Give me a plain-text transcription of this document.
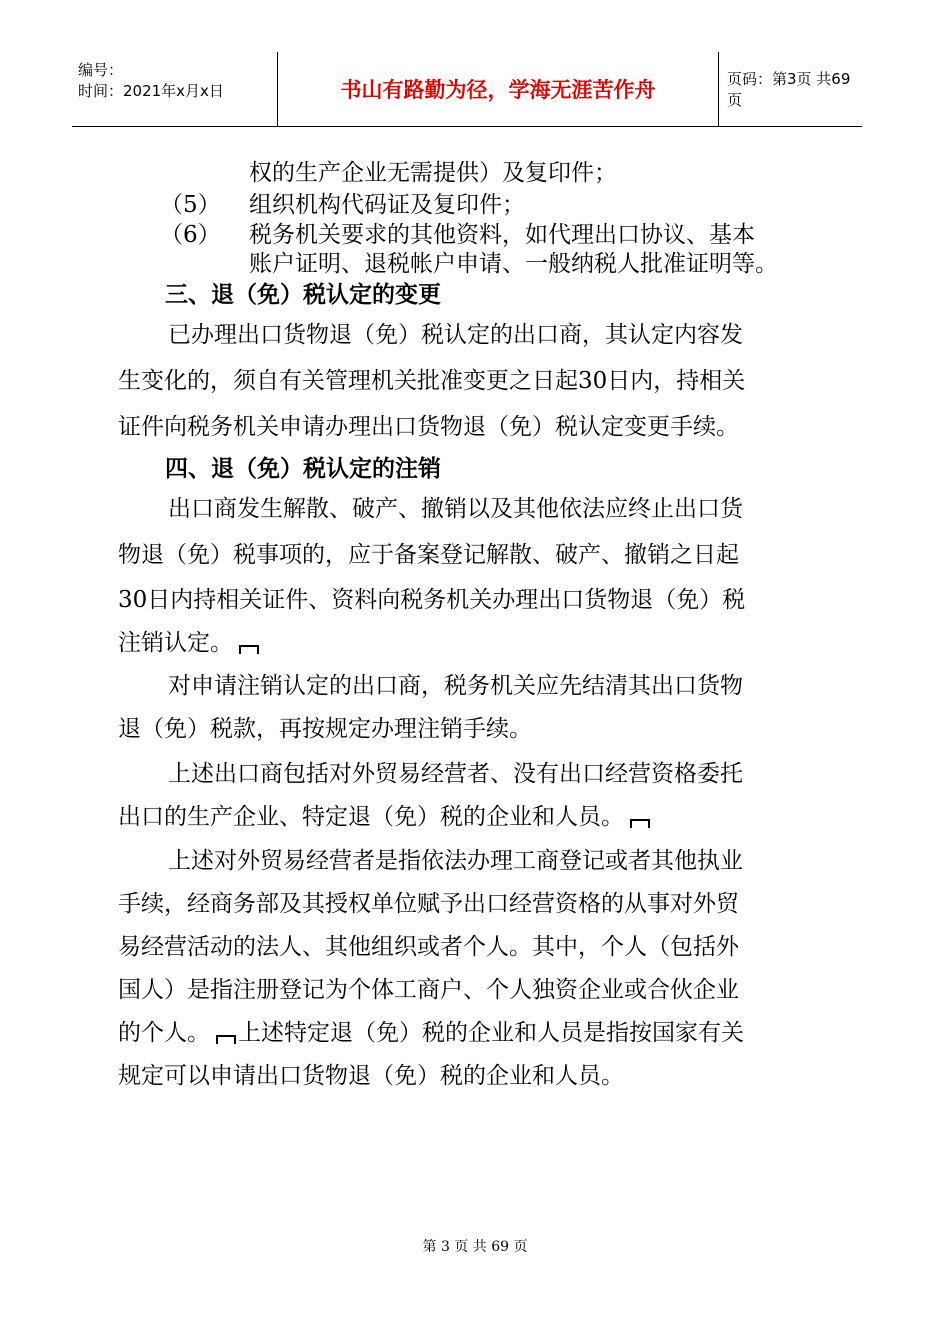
编号：
时间：2021年x月x日	书山有路勤为径，学海无涯苦作舟	页码：第3页 共69页
权的生产企业无需提供）及复印件；
（5） 组织机构代码证及复印件；
（6） 税务机关要求的其他资料，如代理出口协议、基本
账户证明、退税帐户申请、一般纳税人批准证明等。
三、退（免）税认定的变更
已办理出口货物退（免）税认定的出口商，其认定内容发
生变化的，须自有关管理机关批准变更之日起30日内，持相关
证件向税务机关申请办理出口货物退（免）税认定变更手续。
四、退（免）税认定的注销
出口商发生解散、破产、撤销以及其他依法应终止出口货
物退（免）税事项的，应于备案登记解散、破产、撤销之日起
30日内持相关证件、资料向税务机关办理出口货物退（免）税
注销认定。
对申请注销认定的出口商，税务机关应先结清其出口货物
退（免）税款，再按规定办理注销手续。
上述出口商包括对外贸易经营者、没有出口经营资格委托
出口的生产企业、特定退（免）税的企业和人员。
上述对外贸易经营者是指依法办理工商登记或者其他执业
手续，经商务部及其授权单位赋予出口经营资格的从事对外贸
易经营活动的法人、其他组织或者个人。其中，个人（包括外
国人）是指注册登记为个体工商户、个人独资企业或合伙企业
的个人。 上述特定退（免）税的企业和人员是指按国家有关
规定可以申请出口货物退（免）税的企业和人员。
第 3 页 共 69 页
